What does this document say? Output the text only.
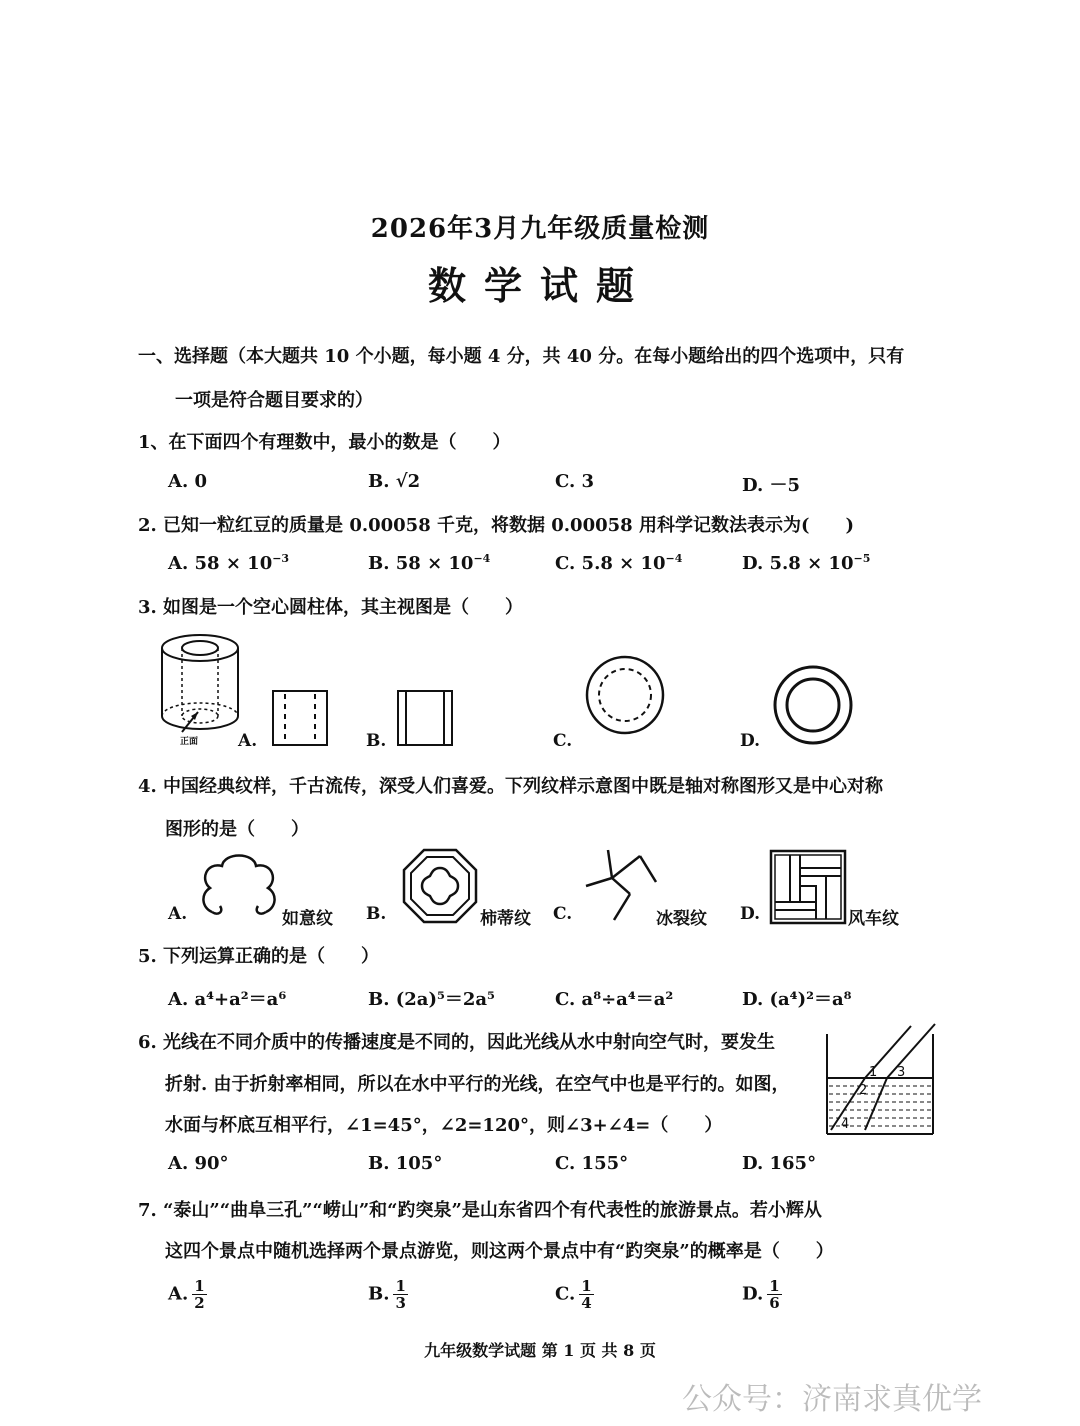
2026年3月九年级质量检测
数学试题
一、选择题（本大题共 10 个小题，每小题 4 分，共 40 分。在每小题给出的四个选项中，只有
一项是符合题目要求的）
1、在下面四个有理数中，最小的数是（　　）
A. 0	B. √2	C. 3	D. －5
2. 已知一粒红豆的质量是 0.00058 千克，将数据 0.00058 用科学记数法表示为(　　)
A. $58 \times 10^{-3}$	B. $58 \times 10^{-4}$	C. $5.8 \times 10^{-4}$	D. $5.8 \times 10^{-5}$
3. 如图是一个空心圆柱体，其主视图是（　　）
正面 A.	B.	C.	D.
4. 中国经典纹样，千古流传，深受人们喜爱。下列纹样示意图中既是轴对称图形又是中心对称
图形的是（　　）
A.	如意纹 B.	柿蒂纹 C.	冰裂纹 D.	风车纹
5. 下列运算正确的是（　　）
A. a⁴+a²＝a⁶	B. (2a)⁵＝2a⁵	C. a⁸÷a⁴＝a²	D. (a⁴)²＝a⁸
6. 光线在不同介质中的传播速度是不同的，因此光线从水中射向空气时，要发生
折射. 由于折射率相同，所以在水中平行的光线，在空气中也是平行的。如图，
水面与杯底互相平行，∠1=45°，∠2=120°，则∠3+∠4=（　　）
1
2
3
4
A. 90°	B. 105°	C. 155°	D. 165°
7. “泰山”“曲阜三孔”“崂山”和“趵突泉”是山东省四个有代表性的旅游景点。若小辉从
这四个景点中随机选择两个景点游览，则这两个景点中有“趵突泉”的概率是（　　）
A. $\frac{1}{2}$	B. $\frac{1}{3}$	C. $\frac{1}{4}$	D. $\frac{1}{6}$
九年级数学试题 第 1 页 共 8 页
公众号：济南求真优学
